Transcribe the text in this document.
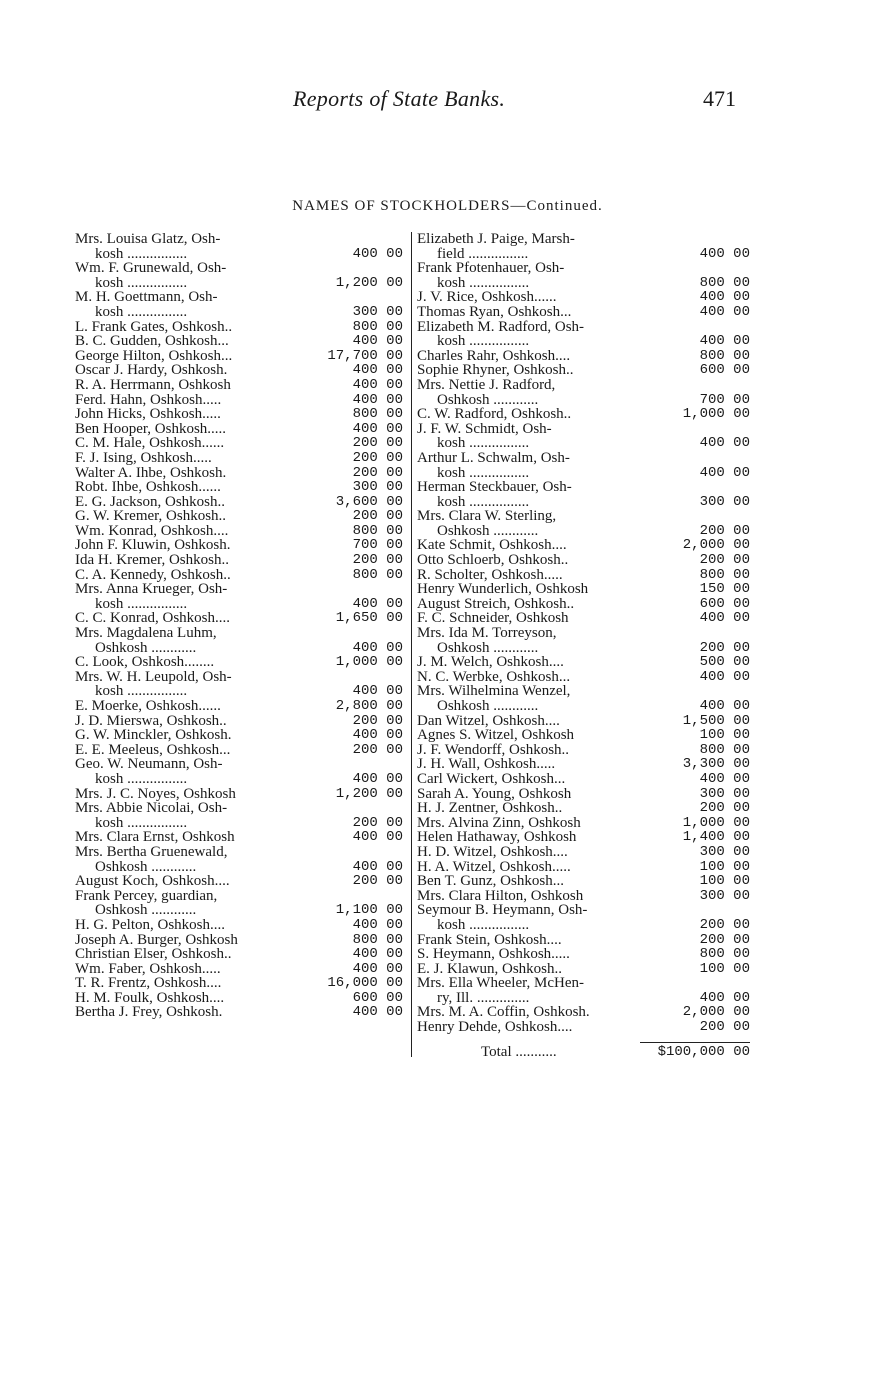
Reports of State Banks.	471
NAMES OF STOCKHOLDERS—Continued.
Mrs. Louisa Glatz, Osh-
kosh ................	400 00
Wm. F. Grunewald, Osh-
kosh ................	1,200 00
M. H. Goettmann, Osh-
kosh ................	300 00
L. Frank Gates, Oshkosh..	800 00
B. C. Gudden, Oshkosh...	400 00
George Hilton, Oshkosh...	17,700 00
Oscar J. Hardy, Oshkosh.	400 00
R. A. Herrmann, Oshkosh	400 00
Ferd. Hahn, Oshkosh.....	400 00
John Hicks, Oshkosh.....	800 00
Ben Hooper, Oshkosh.....	400 00
C. M. Hale, Oshkosh......	200 00
F. J. Ising, Oshkosh.....	200 00
Walter A. Ihbe, Oshkosh.	200 00
Robt. Ihbe, Oshkosh......	300 00
E. G. Jackson, Oshkosh..	3,600 00
G. W. Kremer, Oshkosh..	200 00
Wm. Konrad, Oshkosh....	800 00
John F. Kluwin, Oshkosh.	700 00
Ida H. Kremer, Oshkosh..	200 00
C. A. Kennedy, Oshkosh..	800 00
Mrs. Anna Krueger, Osh-
kosh ................	400 00
C. C. Konrad, Oshkosh....	1,650 00
Mrs. Magdalena Luhm,
Oshkosh ............	400 00
C. Look, Oshkosh........	1,000 00
Mrs. W. H. Leupold, Osh-
kosh ................	400 00
E. Moerke, Oshkosh......	2,800 00
J. D. Mierswa, Oshkosh..	200 00
G. W. Minckler, Oshkosh.	400 00
E. E. Meeleus, Oshkosh...	200 00
Geo. W. Neumann, Osh-
kosh ................	400 00
Mrs. J. C. Noyes, Oshkosh	1,200 00
Mrs. Abbie Nicolai, Osh-
kosh ................	200 00
Mrs. Clara Ernst, Oshkosh	400 00
Mrs. Bertha Gruenewald,
Oshkosh ............	400 00
August Koch, Oshkosh....	200 00
Frank Percey, guardian,
Oshkosh ............	1,100 00
H. G. Pelton, Oshkosh....	400 00
Joseph A. Burger, Oshkosh	800 00
Christian Elser, Oshkosh..	400 00
Wm. Faber, Oshkosh.....	400 00
T. R. Frentz, Oshkosh....	16,000 00
H. M. Foulk, Oshkosh....	600 00
Bertha J. Frey, Oshkosh.	400 00
Elizabeth J. Paige, Marsh-
field ................	400 00
Frank Pfotenhauer, Osh-
kosh ................	800 00
J. V. Rice, Oshkosh......	400 00
Thomas Ryan, Oshkosh...	400 00
Elizabeth M. Radford, Osh-
kosh ................	400 00
Charles Rahr, Oshkosh....	800 00
Sophie Rhyner, Oshkosh..	600 00
Mrs. Nettie J. Radford,
Oshkosh ............	700 00
C. W. Radford, Oshkosh..	1,000 00
J. F. W. Schmidt, Osh-
kosh ................	400 00
Arthur L. Schwalm, Osh-
kosh ................	400 00
Herman Steckbauer, Osh-
kosh ................	300 00
Mrs. Clara W. Sterling,
Oshkosh ............	200 00
Kate Schmit, Oshkosh....	2,000 00
Otto Schloerb, Oshkosh..	200 00
R. Scholter, Oshkosh.....	800 00
Henry Wunderlich, Oshkosh	150 00
August Streich, Oshkosh..	600 00
F. C. Schneider, Oshkosh	400 00
Mrs. Ida M. Torreyson,
Oshkosh ............	200 00
J. M. Welch, Oshkosh....	500 00
N. C. Werbke, Oshkosh...	400 00
Mrs. Wilhelmina Wenzel,
Oshkosh ............	400 00
Dan Witzel, Oshkosh....	1,500 00
Agnes S. Witzel, Oshkosh	100 00
J. F. Wendorff, Oshkosh..	800 00
J. H. Wall, Oshkosh.....	3,300 00
Carl Wickert, Oshkosh...	400 00
Sarah A. Young, Oshkosh	300 00
H. J. Zentner, Oshkosh..	200 00
Mrs. Alvina Zinn, Oshkosh	1,000 00
Helen Hathaway, Oshkosh	1,400 00
H. D. Witzel, Oshkosh....	300 00
H. A. Witzel, Oshkosh.....	100 00
Ben T. Gunz, Oshkosh...	100 00
Mrs. Clara Hilton, Oshkosh	300 00
Seymour B. Heymann, Osh-
kosh ................	200 00
Frank Stein, Oshkosh....	200 00
S. Heymann, Oshkosh.....	800 00
E. J. Klawun, Oshkosh..	100 00
Mrs. Ella Wheeler, McHen-
ry, Ill. ..............	400 00
Mrs. M. A. Coffin, Oshkosh.	2,000 00
Henry Dehde, Oshkosh....	200 00
Total ...........	$100,000 00
